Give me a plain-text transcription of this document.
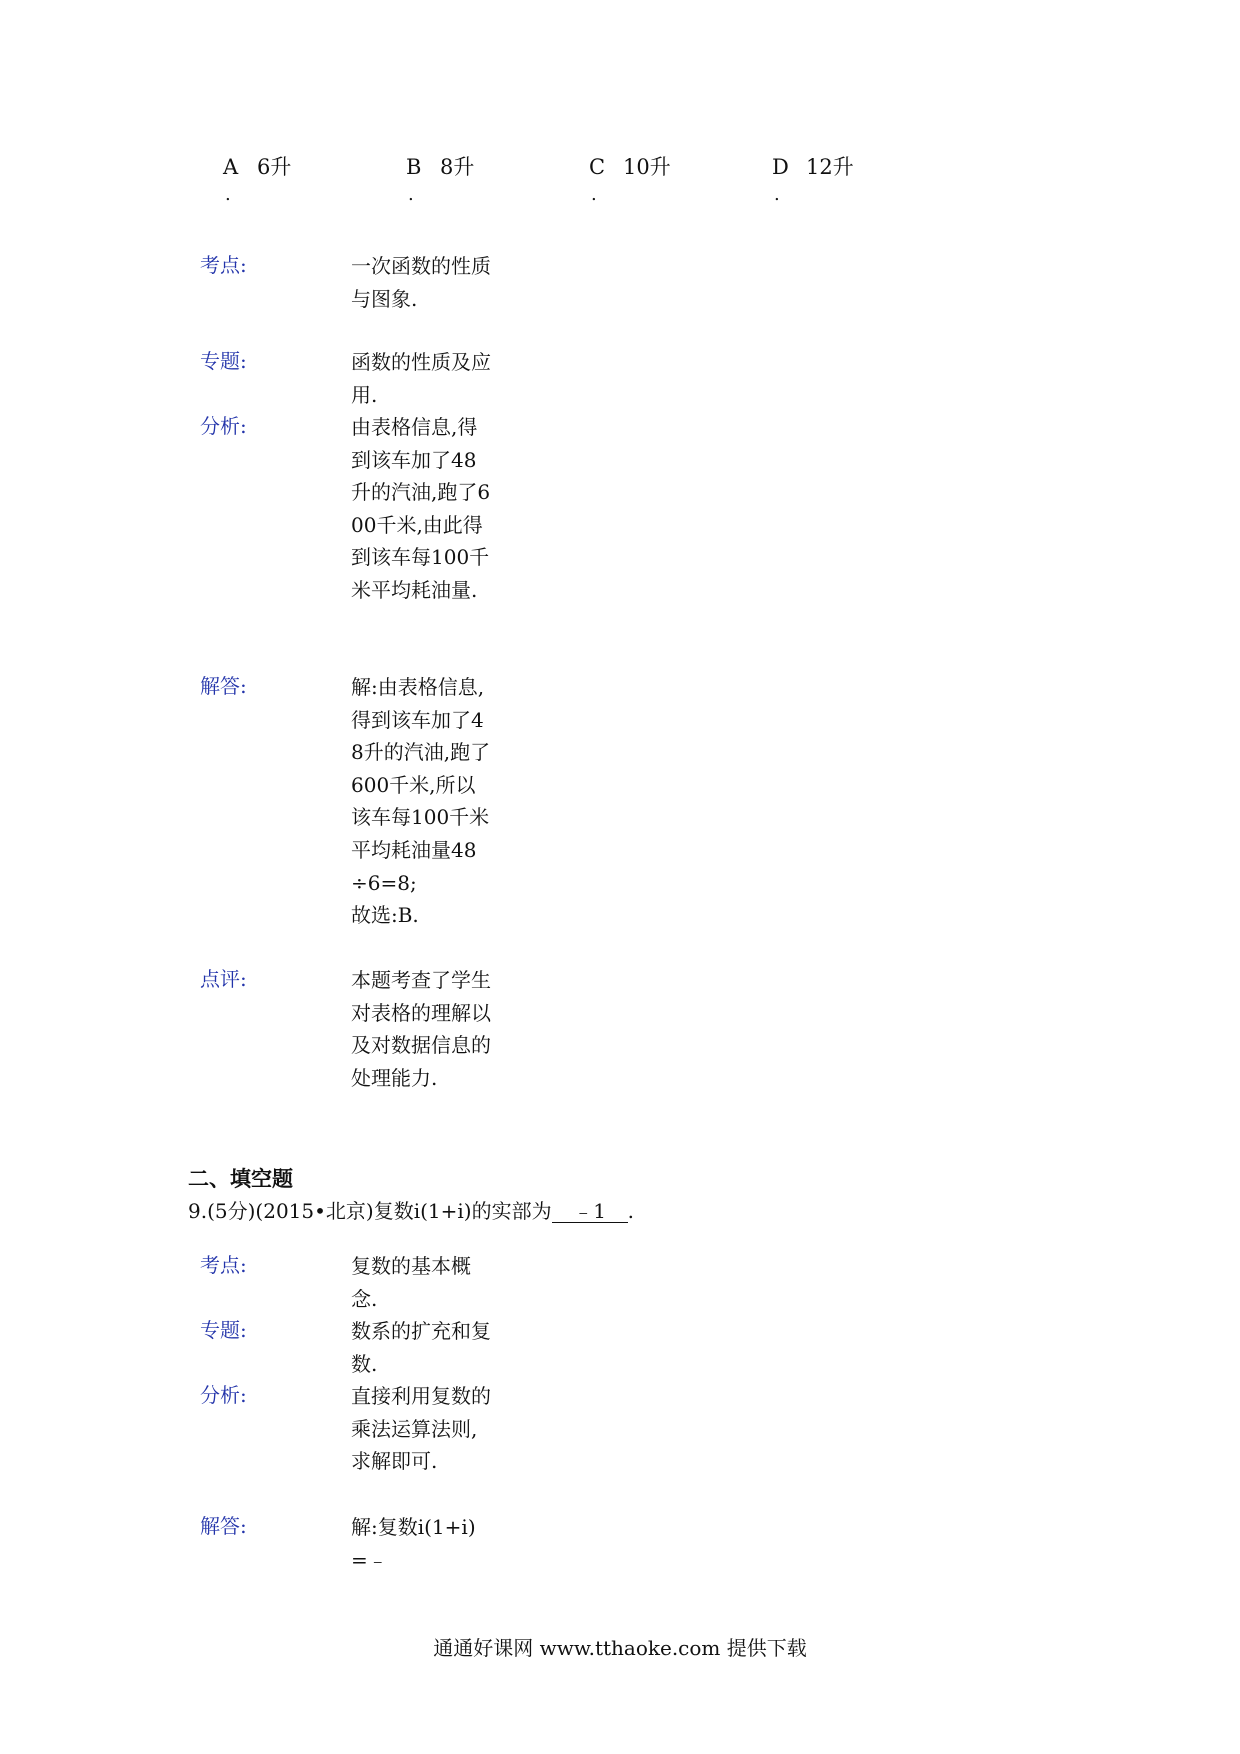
A 6升
.
B 8升
.
C 10升
.
D 12升
.
考点:	一次函数的性质与图象.

专题:	函数的性质及应用.

分析:	由表格信息,得到该车加了48升的汽油,跑了600千米,由此得到该车每100千米平均耗油量.

解答:	解:由表格信息,得到该车加了48升的汽油,跑了600千米,所以该车每100千米平均耗油量48÷6=8;

故选:B.

点评:	本题考查了学生对表格的理解以及对数据信息的处理能力.

二、填空题
9.(5分)(2015•北京)复数i(1+i)的实部为 ﹣1 .
考点:	复数的基本概念.

专题:	数系的扩充和复数.

分析:	直接利用复数的乘法运算法则,求解即可.

解答:	解:复数i(1+i)=﹣

通通好课网 www.tthaoke.com 提供下载
